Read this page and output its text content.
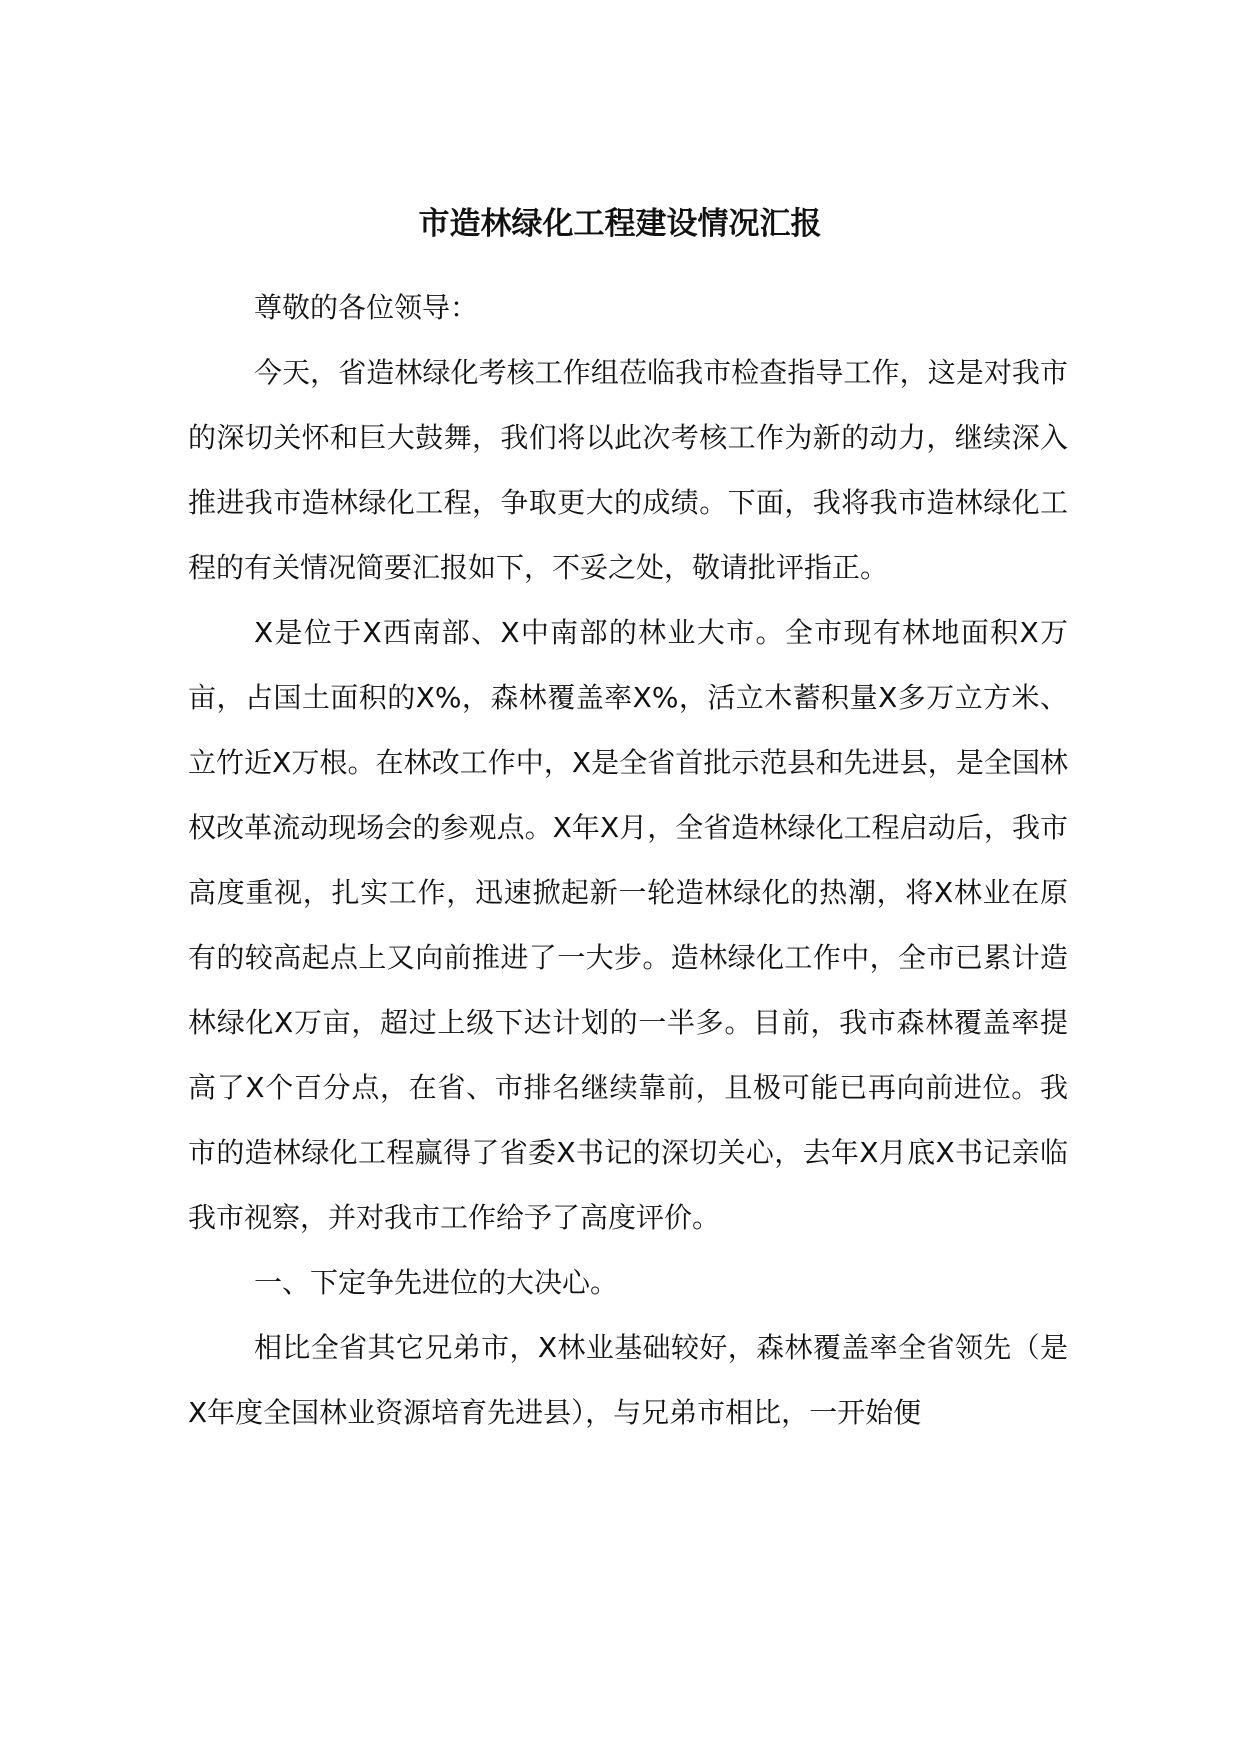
市造林绿化工程建设情况汇报

尊敬的各位领导：

今天，省造林绿化考核工作组莅临我市检查指导工作，这是对我市的深切关怀和巨大鼓舞，我们将以此次考核工作为新的动力，继续深入推进我市造林绿化工程，争取更大的成绩。下面，我将我市造林绿化工程的有关情况简要汇报如下，不妥之处，敬请批评指正。

X是位于X西南部、X中南部的林业大市。全市现有林地面积X万亩，占国土面积的X%，森林覆盖率X%，活立木蓄积量X多万立方米、立竹近X万根。在林改工作中，X是全省首批示范县和先进县，是全国林权改革流动现场会的参观点。X年X月，全省造林绿化工程启动后，我市高度重视，扎实工作，迅速掀起新一轮造林绿化的热潮，将X林业在原有的较高起点上又向前推进了一大步。造林绿化工作中，全市已累计造林绿化X万亩，超过上级下达计划的一半多。目前，我市森林覆盖率提高了X个百分点，在省、市排名继续靠前，且极可能已再向前进位。我市的造林绿化工程赢得了省委X书记的深切关心，去年X月底X书记亲临我市视察，并对我市工作给予了高度评价。

一、下定争先进位的大决心。

相比全省其它兄弟市，X林业基础较好，森林覆盖率全省领先（是X年度全国林业资源培育先进县），与兄弟市相比，一开始便
